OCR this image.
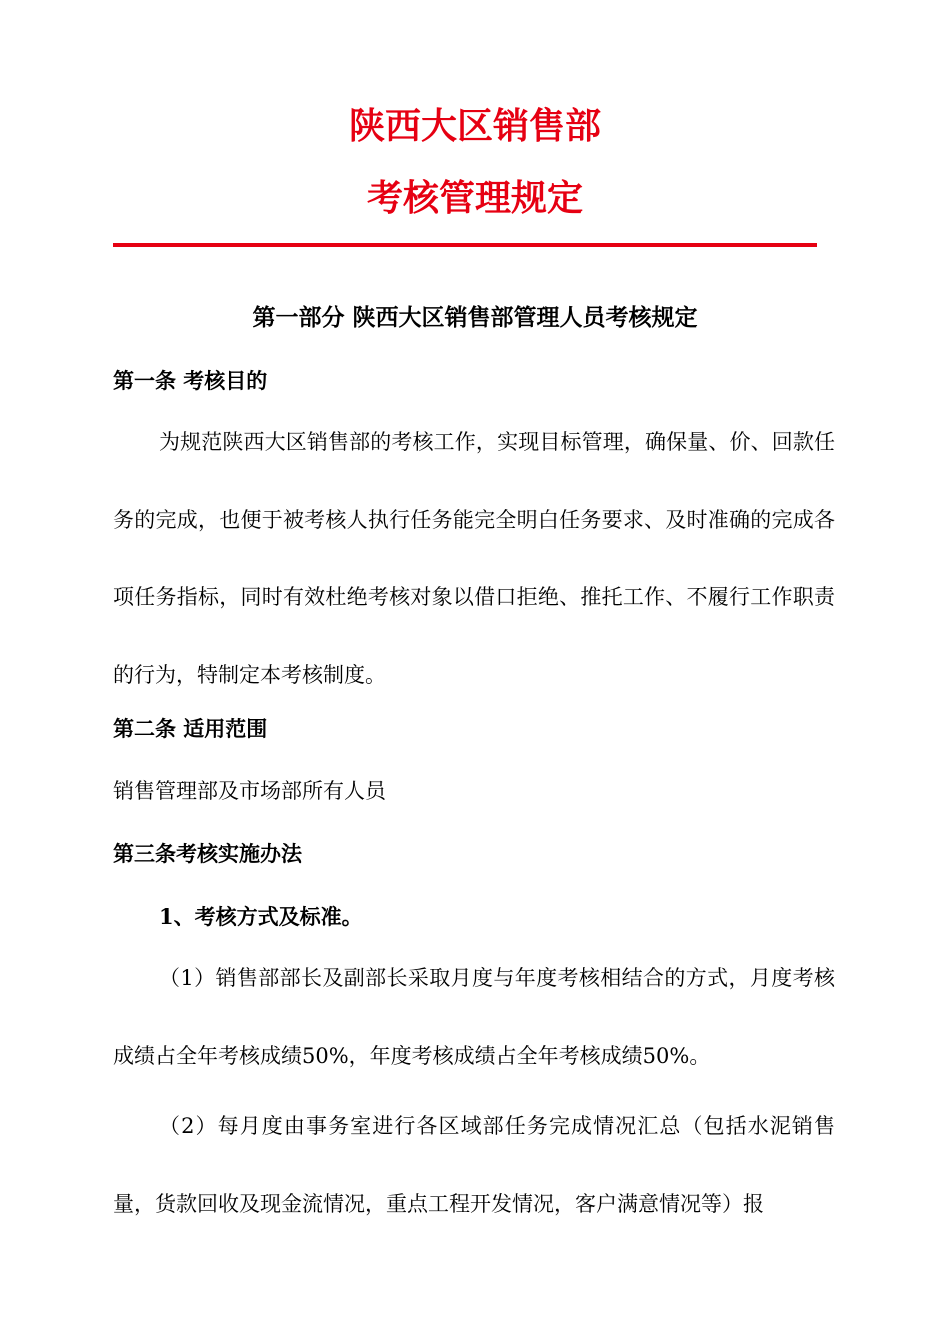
陕西大区销售部
考核管理规定
第一部分 陕西大区销售部管理人员考核规定
第一条 考核目的
为规范陕西大区销售部的考核工作，实现目标管理，确保量、价、回款任务的完成，也便于被考核人执行任务能完全明白任务要求、及时准确的完成各项任务指标，同时有效杜绝考核对象以借口拒绝、推托工作、不履行工作职责的行为，特制定本考核制度。
第二条 适用范围
销售管理部及市场部所有人员
第三条考核实施办法
1、考核方式及标准。
（1）销售部部长及副部长采取月度与年度考核相结合的方式，月度考核成绩占全年考核成绩50%，年度考核成绩占全年考核成绩50%。
（2）每月度由事务室进行各区域部任务完成情况汇总（包括水泥销售量，货款回收及现金流情况，重点工程开发情况，客户满意情况等）报
